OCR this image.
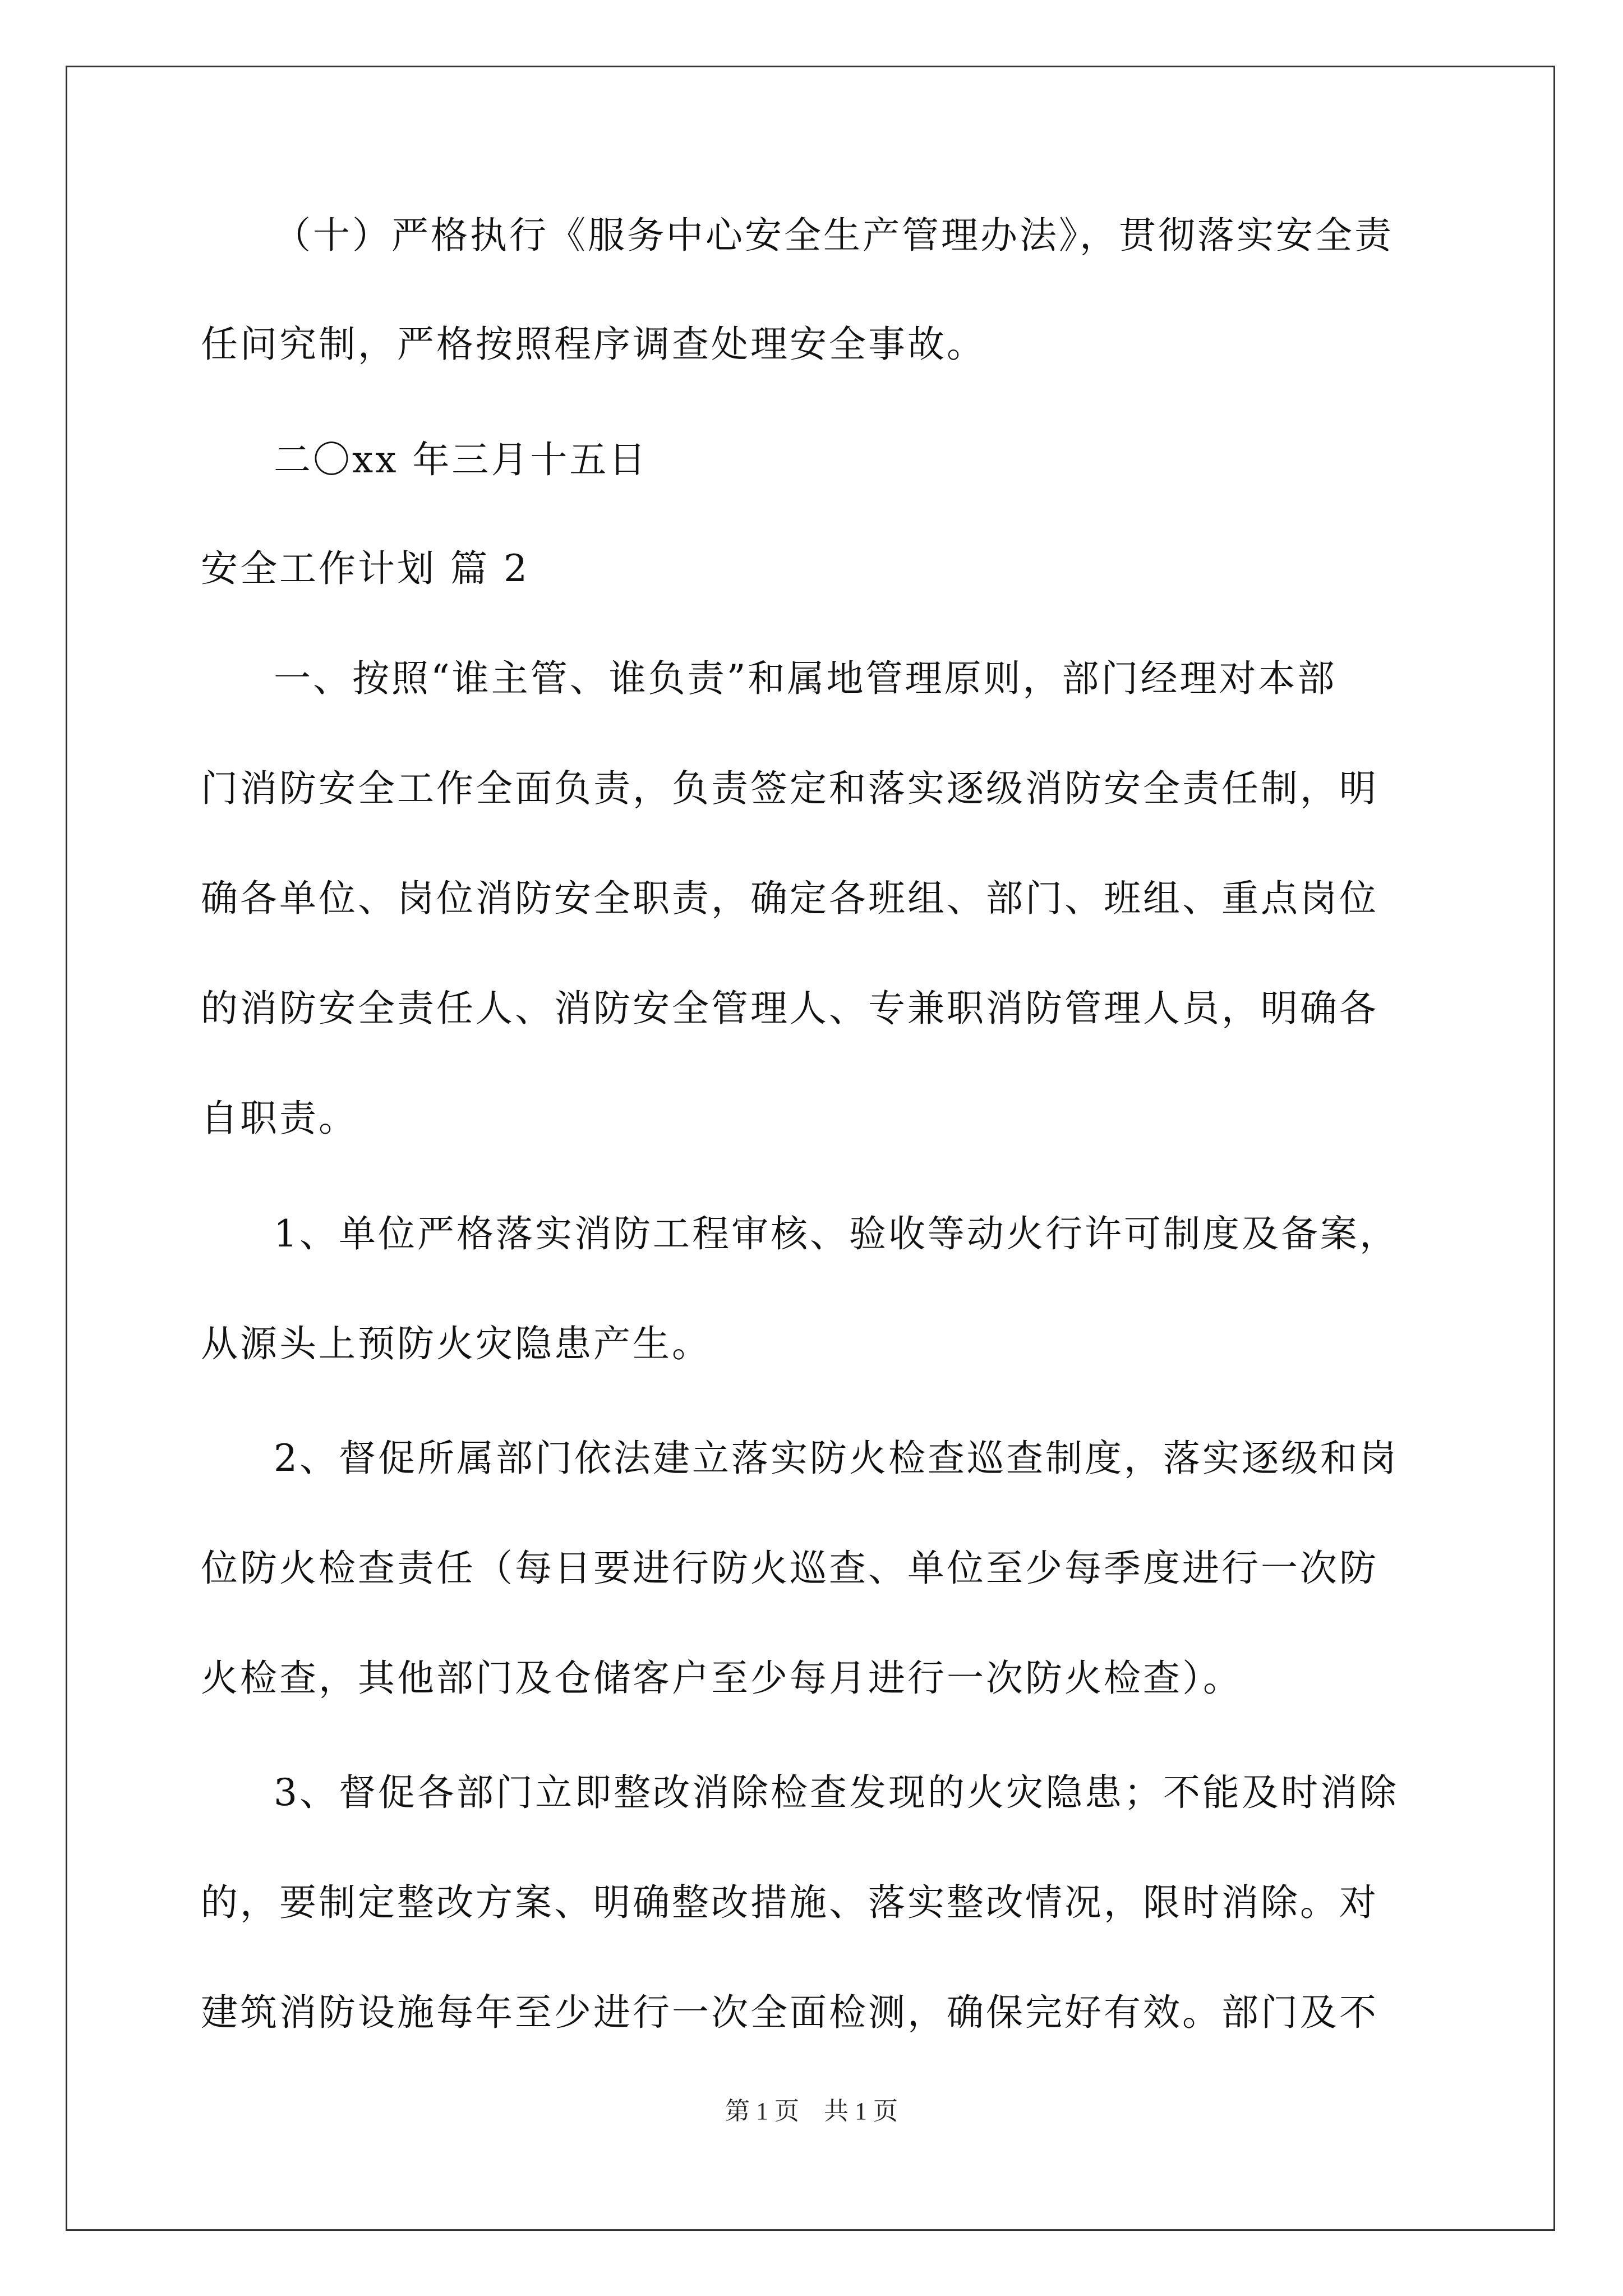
（十）严格执行《服务中心安全生产管理办法》，贯彻落实安全责
任问究制，严格按照程序调查处理安全事故。
二〇xx 年三月十五日
安全工作计划 篇 2
一、按照“谁主管、谁负责”和属地管理原则，部门经理对本部
门消防安全工作全面负责，负责签定和落实逐级消防安全责任制，明
确各单位、岗位消防安全职责，确定各班组、部门、班组、重点岗位
的消防安全责任人、消防安全管理人、专兼职消防管理人员，明确各
自职责。
1、单位严格落实消防工程审核、验收等动火行许可制度及备案，
从源头上预防火灾隐患产生。
2、督促所属部门依法建立落实防火检查巡查制度，落实逐级和岗
位防火检查责任（每日要进行防火巡查、单位至少每季度进行一次防
火检查，其他部门及仓储客户至少每月进行一次防火检查）。
3、督促各部门立即整改消除检查发现的火灾隐患；不能及时消除
的，要制定整改方案、明确整改措施、落实整改情况，限时消除。对
建筑消防设施每年至少进行一次全面检测，确保完好有效。部门及不
第 1 页　共 1 页
